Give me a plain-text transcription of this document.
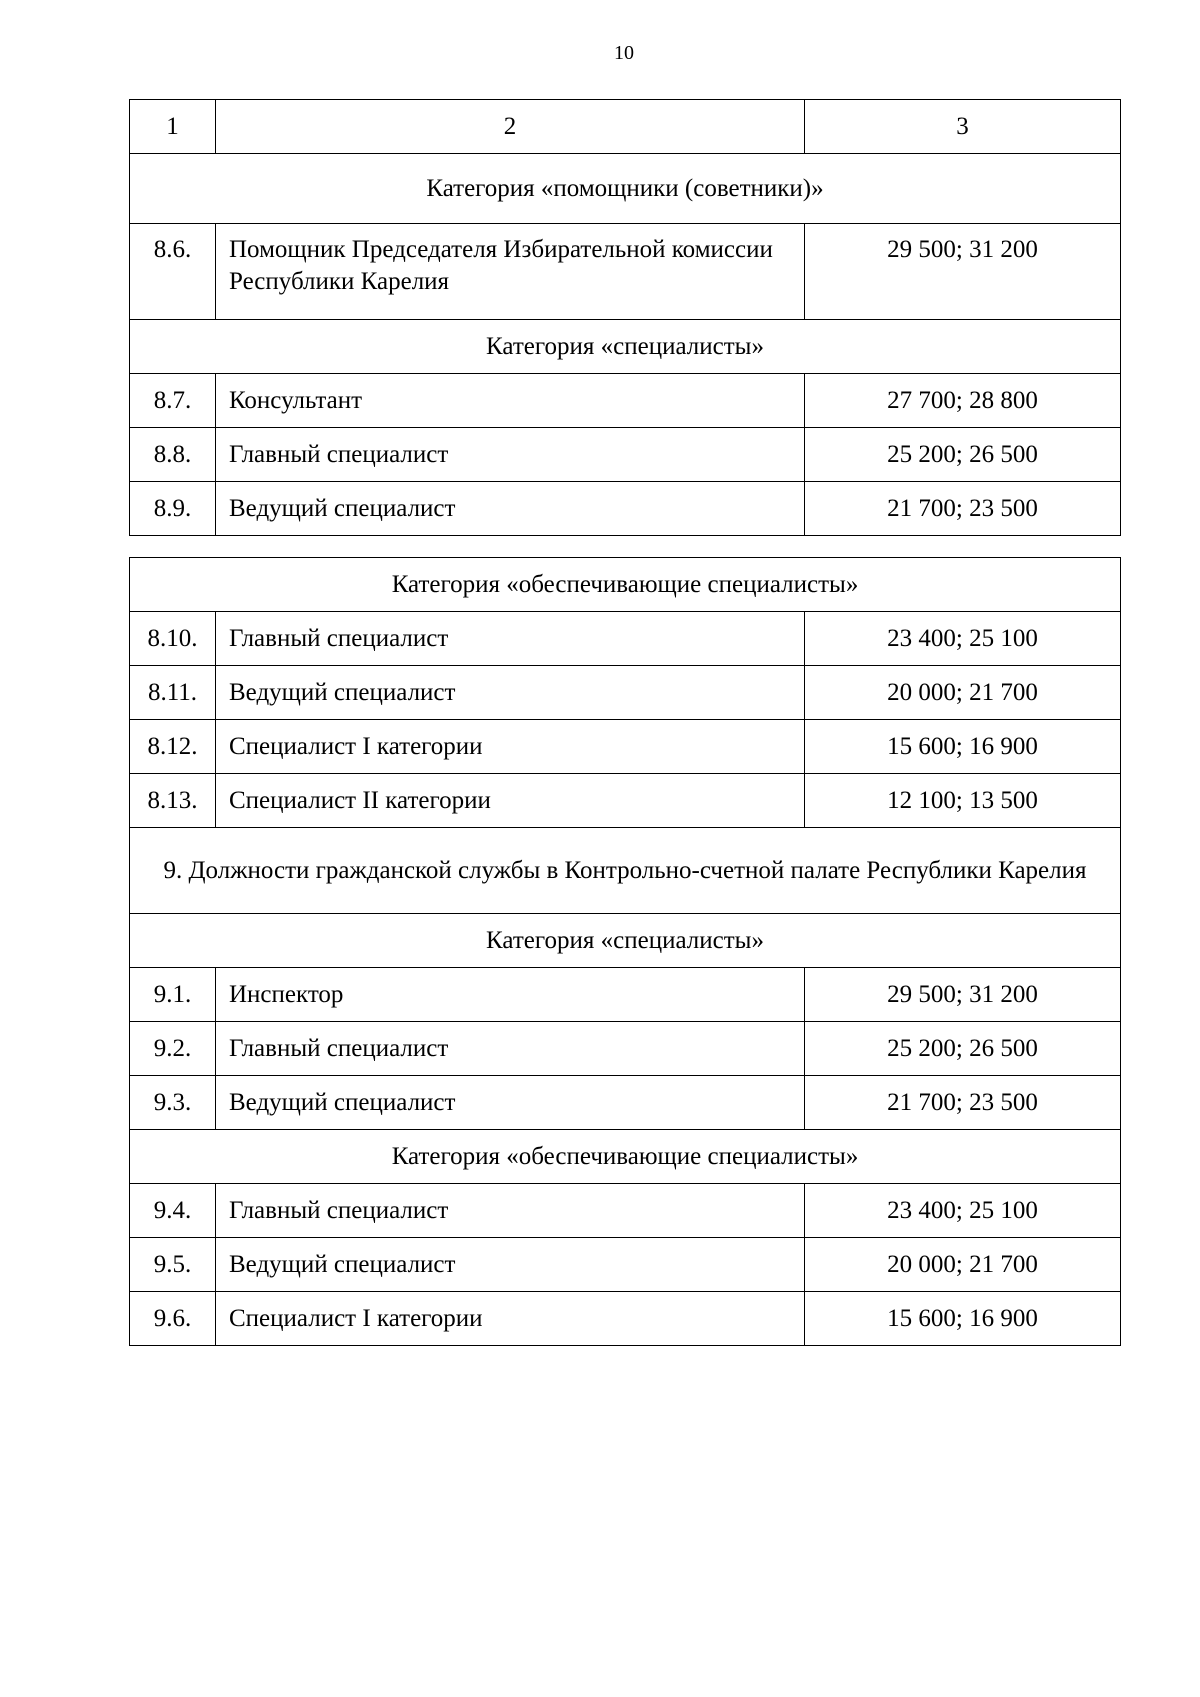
10
1	2	3
Категория «помощники (советники)»		
8.6.	Помощник Председателя Избирательной комиссии Республики Карелия	29 500; 31 200
Категория «специалисты»		
8.7.	Консультант	27 700; 28 800
8.8.	Главный специалист	25 200; 26 500
8.9.	Ведущий специалист	21 700; 23 500
Категория «обеспечивающие специалисты»		
8.10.	Главный специалист	23 400; 25 100
8.11.	Ведущий специалист	20 000; 21 700
8.12.	Специалист I категории	15 600; 16 900
8.13.	Специалист II категории	12 100; 13 500
9. Должности гражданской службы в Контрольно-счетной палате Республики Карелия		
Категория «специалисты»		
9.1.	Инспектор	29 500; 31 200
9.2.	Главный специалист	25 200; 26 500
9.3.	Ведущий специалист	21 700; 23 500
Категория «обеспечивающие специалисты»		
9.4.	Главный специалист	23 400; 25 100
9.5.	Ведущий специалист	20 000; 21 700
9.6.	Специалист I категории	15 600; 16 900
